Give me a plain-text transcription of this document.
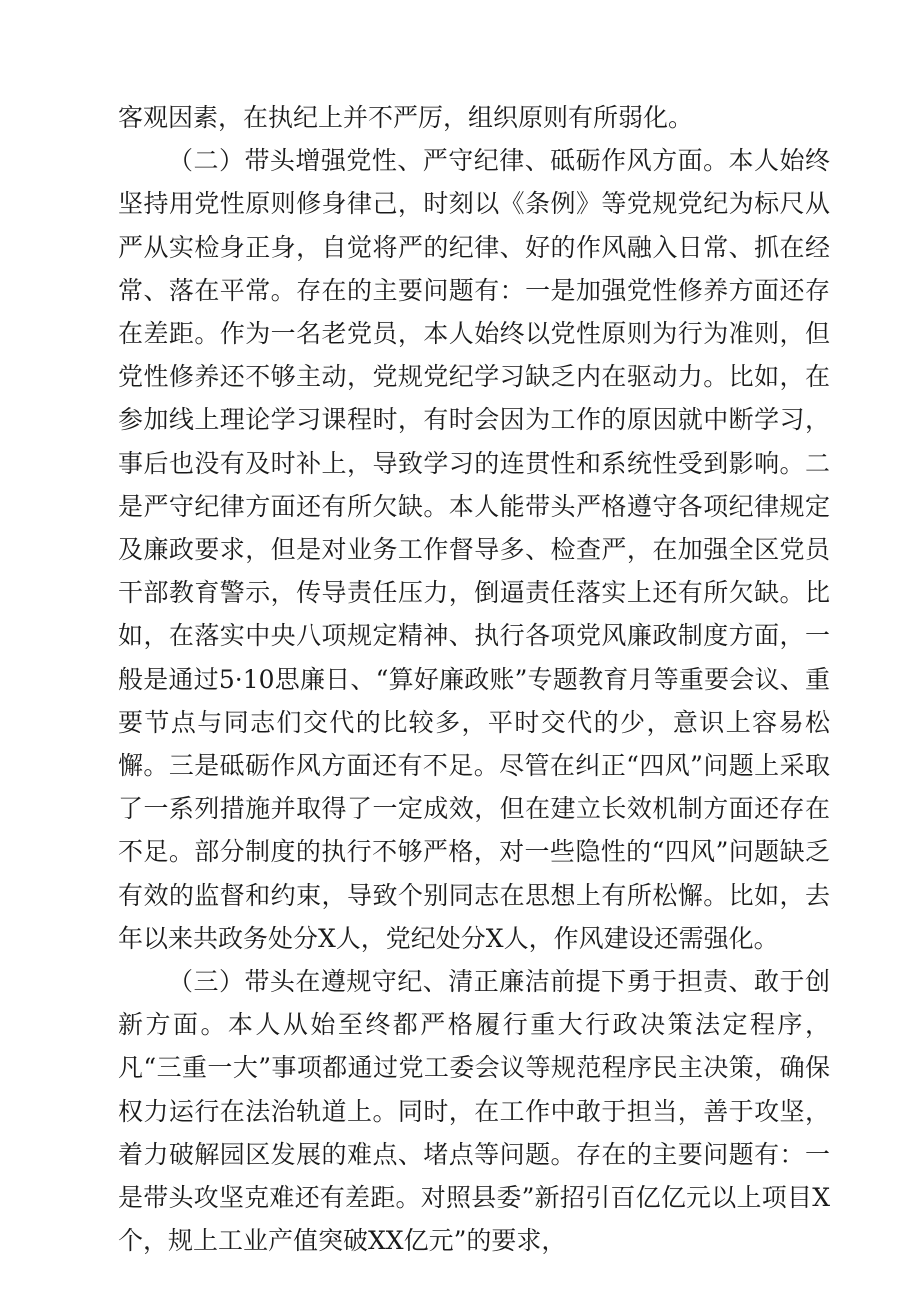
客观因素，在执纪上并不严厉，组织原则有所弱化。

（二）带头增强党性、严守纪律、砥砺作风方面。本人始终坚持用党性原则修身律己，时刻以《条例》等党规党纪为标尺从严从实检身正身，自觉将严的纪律、好的作风融入日常、抓在经常、落在平常。存在的主要问题有：一是加强党性修养方面还存在差距。作为一名老党员，本人始终以党性原则为行为准则，但党性修养还不够主动，党规党纪学习缺乏内在驱动力。比如，在参加线上理论学习课程时，有时会因为工作的原因就中断学习，事后也没有及时补上，导致学习的连贯性和系统性受到影响。二是严守纪律方面还有所欠缺。本人能带头严格遵守各项纪律规定及廉政要求，但是对业务工作督导多、检查严，在加强全区党员干部教育警示，传导责任压力，倒逼责任落实上还有所欠缺。比如，在落实中央八项规定精神、执行各项党风廉政制度方面，一般是通过5·10思廉日、“算好廉政账”专题教育月等重要会议、重要节点与同志们交代的比较多，平时交代的少，意识上容易松懈。三是砥砺作风方面还有不足。尽管在纠正“四风”问题上采取了一系列措施并取得了一定成效，但在建立长效机制方面还存在不足。部分制度的执行不够严格，对一些隐性的“四风”问题缺乏有效的监督和约束，导致个别同志在思想上有所松懈。比如，去年以来共政务处分X人，党纪处分X人，作风建设还需强化。

（三）带头在遵规守纪、清正廉洁前提下勇于担责、敢于创新方面。本人从始至终都严格履行重大行政决策法定程序，凡“三重一大”事项都通过党工委会议等规范程序民主决策，确保权力运行在法治轨道上。同时，在工作中敢于担当，善于攻坚，着力破解园区发展的难点、堵点等问题。存在的主要问题有：一是带头攻坚克难还有差距。对照县委”新招引百亿亿元以上项目X个，规上工业产值突破XX亿元”的要求，
